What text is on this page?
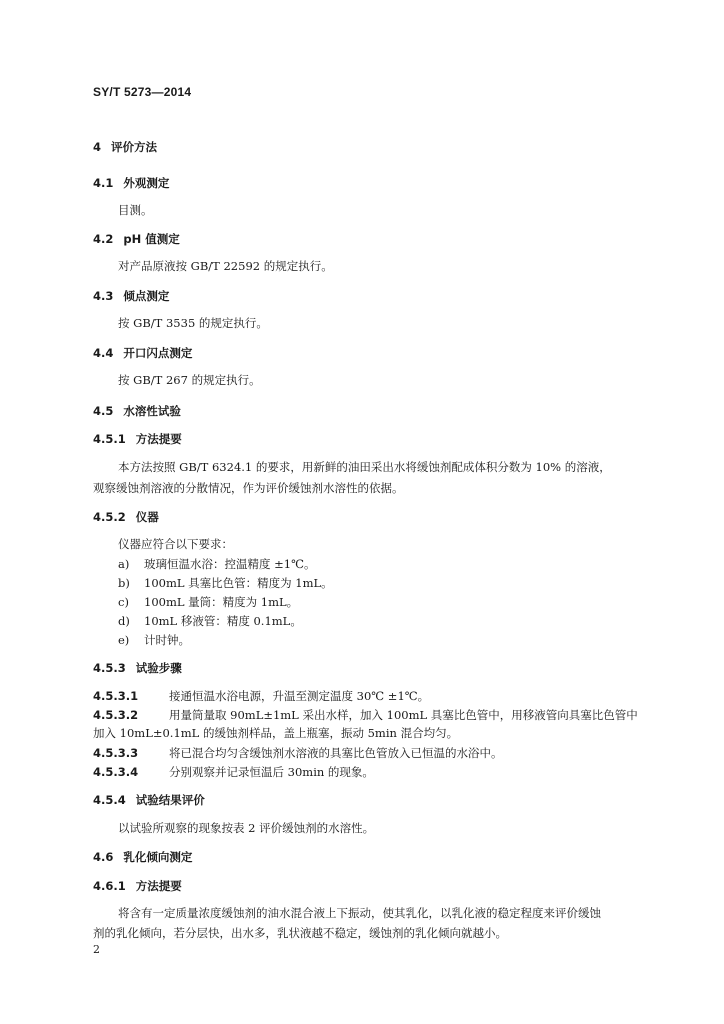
SY/T 5273—2014
4 评价方法
4.1 外观测定
目测。
4.2 pH 值测定
对产品原液按 GB/T 22592 的规定执行。
4.3 倾点测定
按 GB/T 3535 的规定执行。
4.4 开口闪点测定
按 GB/T 267 的规定执行。
4.5 水溶性试验
4.5.1 方法提要
本方法按照 GB/T 6324.1 的要求，用新鲜的油田采出水将缓蚀剂配成体积分数为 10% 的溶液，
观察缓蚀剂溶液的分散情况，作为评价缓蚀剂水溶性的依据。
4.5.2 仪器
仪器应符合以下要求：
a) 玻璃恒温水浴：控温精度 ±1℃。
b) 100mL 具塞比色管：精度为 1mL。
c) 100mL 量筒：精度为 1mL。
d) 10mL 移液管：精度 0.1mL。
e) 计时钟。
4.5.3 试验步骤
4.5.3.1	接通恒温水浴电源，升温至测定温度 30℃ ±1℃。
4.5.3.2	用量筒量取 90mL±1mL 采出水样，加入 100mL 具塞比色管中，用移液管向具塞比色管中
加入 10mL±0.1mL 的缓蚀剂样品，盖上瓶塞，振动 5min 混合均匀。
4.5.3.3	将已混合均匀含缓蚀剂水溶液的具塞比色管放入已恒温的水浴中。
4.5.3.4	分别观察并记录恒温后 30min 的现象。
4.5.4 试验结果评价
以试验所观察的现象按表 2 评价缓蚀剂的水溶性。
4.6 乳化倾向测定
4.6.1 方法提要
将含有一定质量浓度缓蚀剂的油水混合液上下振动，使其乳化，以乳化液的稳定程度来评价缓蚀
剂的乳化倾向，若分层快，出水多，乳状液越不稳定，缓蚀剂的乳化倾向就越小。
2
